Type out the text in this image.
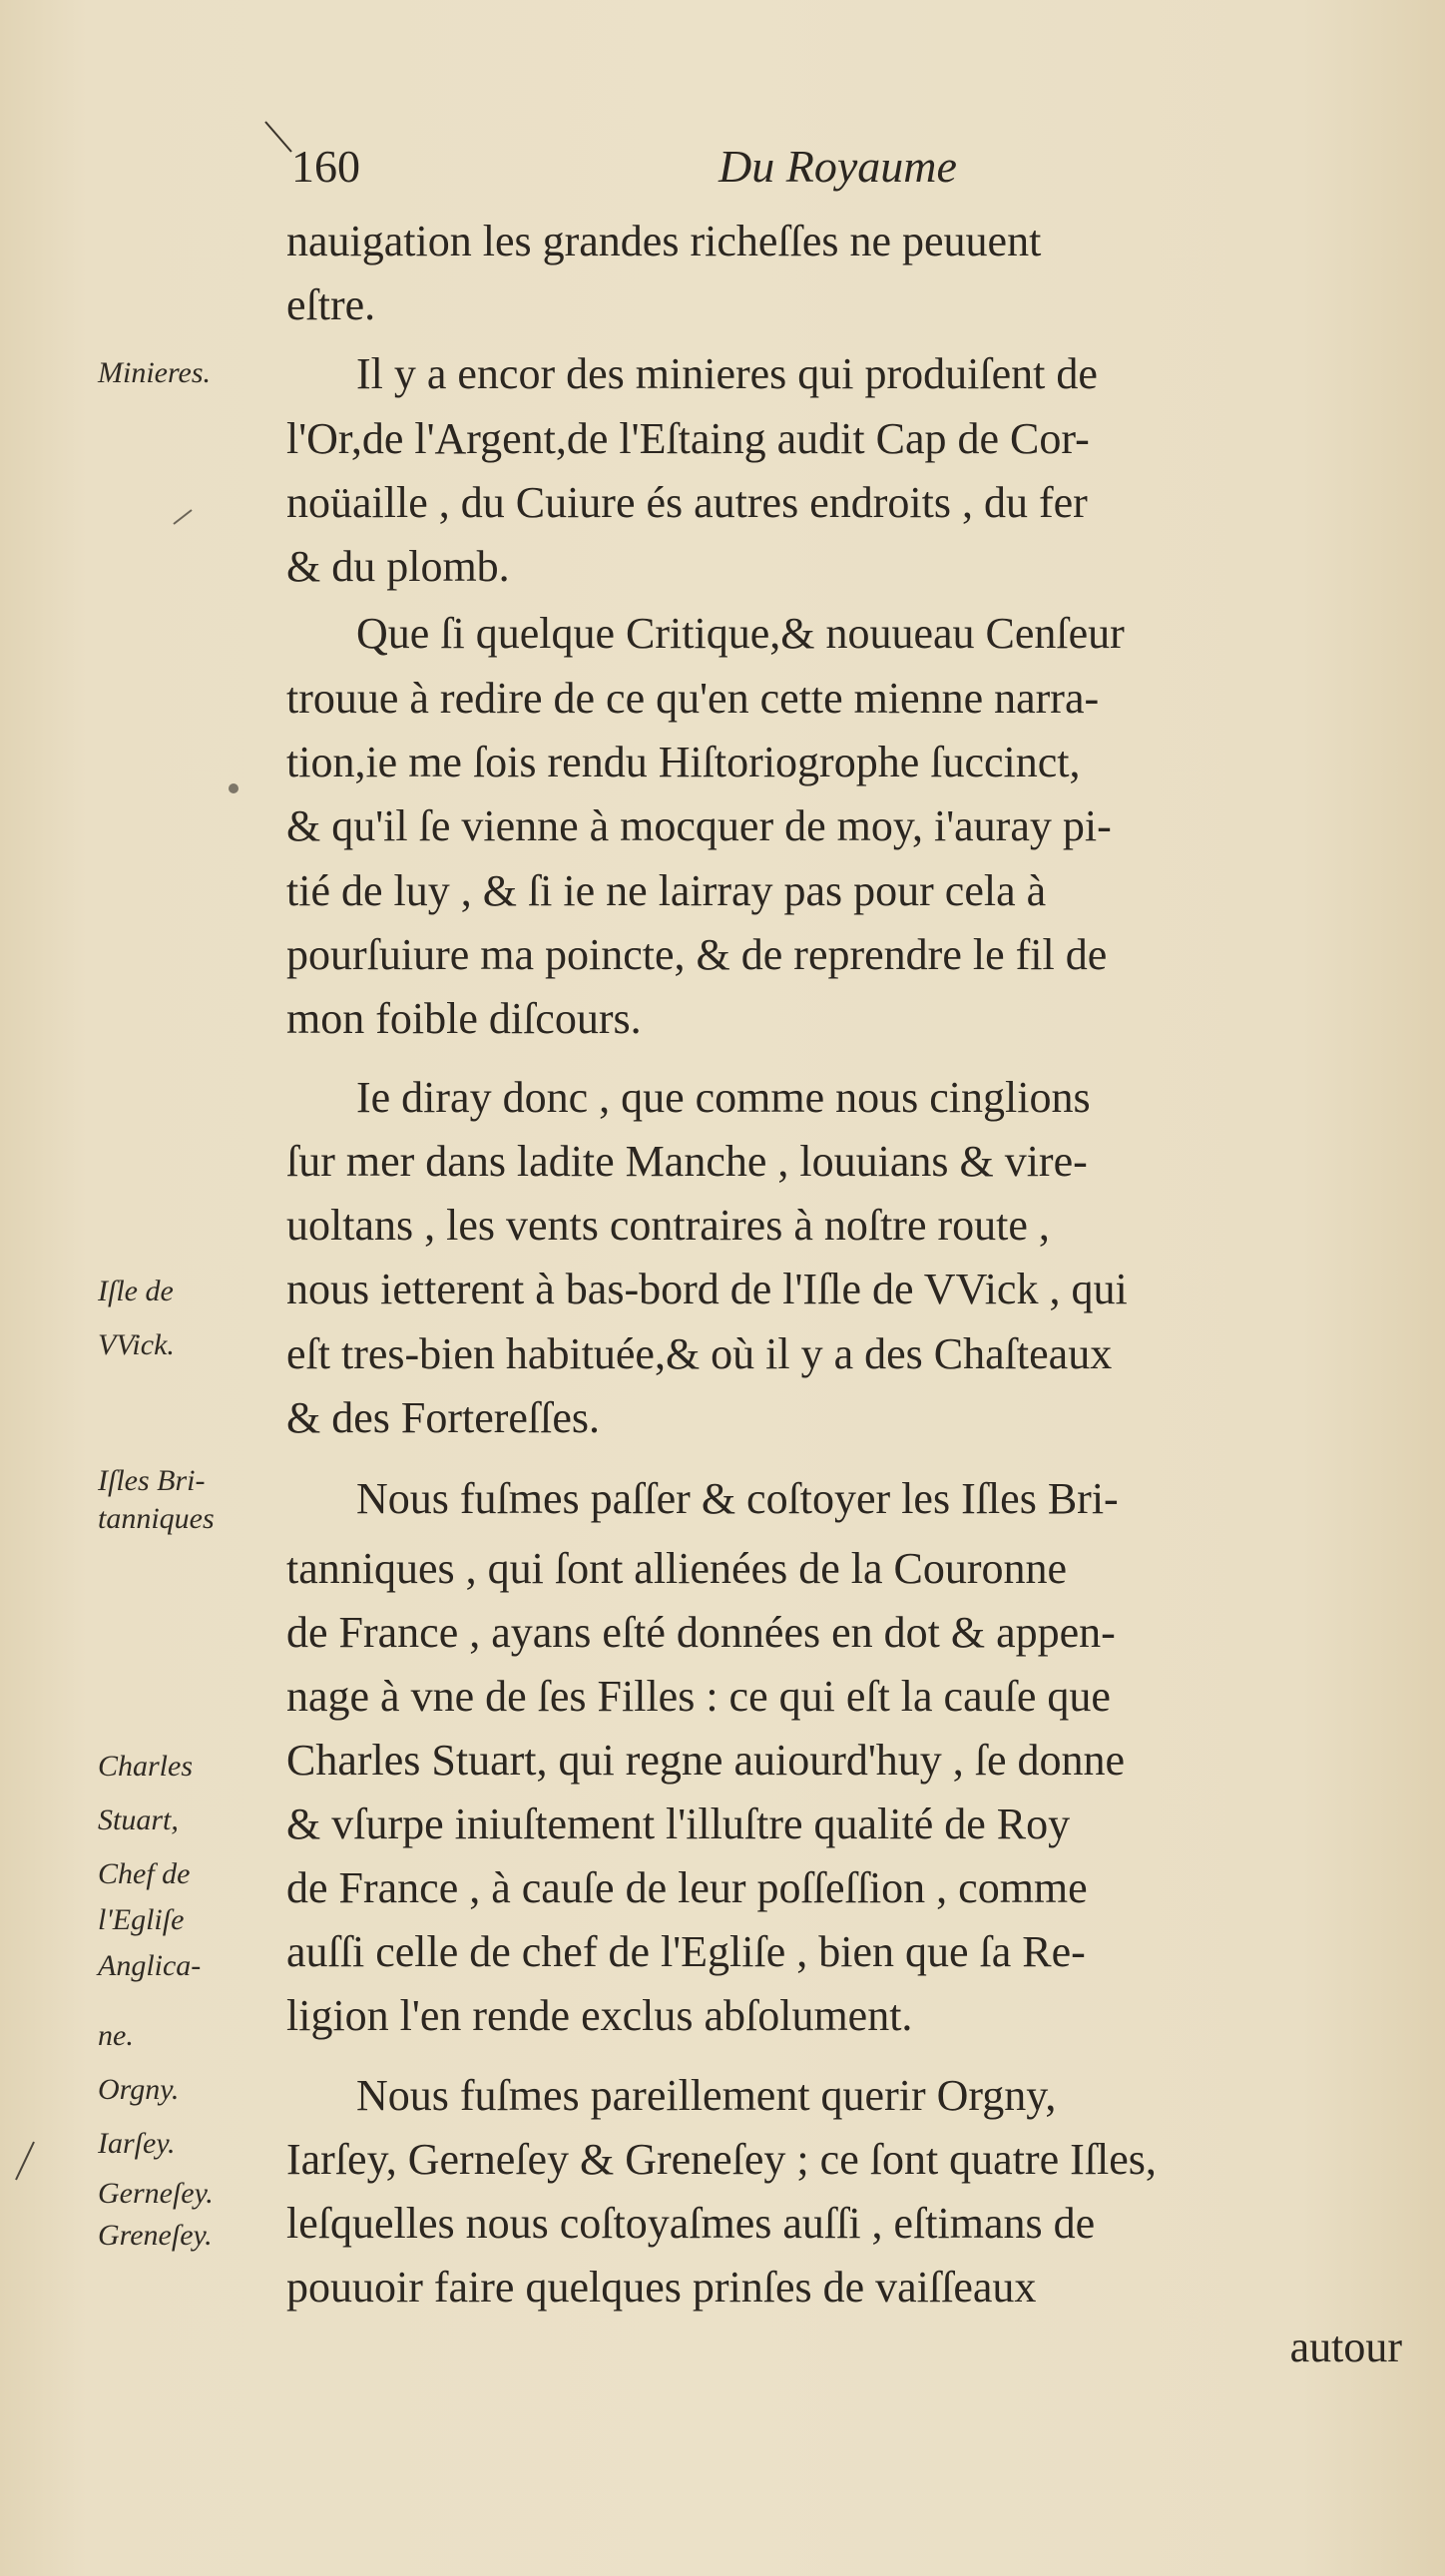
160	Du Royaume
nauigation les grandes richeſſes ne peuuent
eſtre.
Il y a encor des minieres qui produiſent de
l'Or,de l'Argent,de l'Eſtaing audit Cap de Cor-
noüaille , du Cuiure és autres endroits , du fer
& du plomb.
Que ſi quelque Critique,& nouueau Cenſeur
trouue à redire de ce qu'en cette mienne narra-
tion,ie me ſois rendu Hiſtoriogrophe ſuccinct,
& qu'il ſe vienne à mocquer de moy, i'auray pi-
tié de luy , & ſi ie ne lairray pas pour cela à
pourſuiure ma poincte, & de reprendre le fil de
mon foible diſcours.
Ie diray donc , que comme nous cinglions
ſur mer dans ladite Manche , louuians & vire-
uoltans , les vents contraires à noſtre route ,
nous ietterent à bas-bord de l'Iſle de VVick , qui
eſt tres-bien habituée,& où il y a des Chaſteaux
& des Fortereſſes.
Nous fuſmes paſſer & coſtoyer les Iſles Bri-
tanniques , qui ſont allienées de la Couronne
de France , ayans eſté données en dot & appen-
nage à vne de ſes Filles : ce qui eſt la cauſe que
Charles Stuart, qui regne auiourd'huy , ſe donne
& vſurpe iniuſtement l'illuſtre qualité de Roy
de France , à cauſe de leur poſſeſſion , comme
auſſi celle de chef de l'Egliſe , bien que ſa Re-
ligion l'en rende exclus abſolument.
Nous fuſmes pareillement querir Orgny,
Iarſey, Gerneſey & Greneſey ; ce ſont quatre Iſles,
leſquelles nous coſtoyaſmes auſſi , eſtimans de
pouuoir faire quelques prinſes de vaiſſeaux
autour
Minieres.
Iſle de
VVick.
Iſles Bri-
tanniques
Charles
Stuart,
Chef de
l'Egliſe
Anglica-
ne.
Orgny.
Iarſey.
Gerneſey.
Greneſey.
